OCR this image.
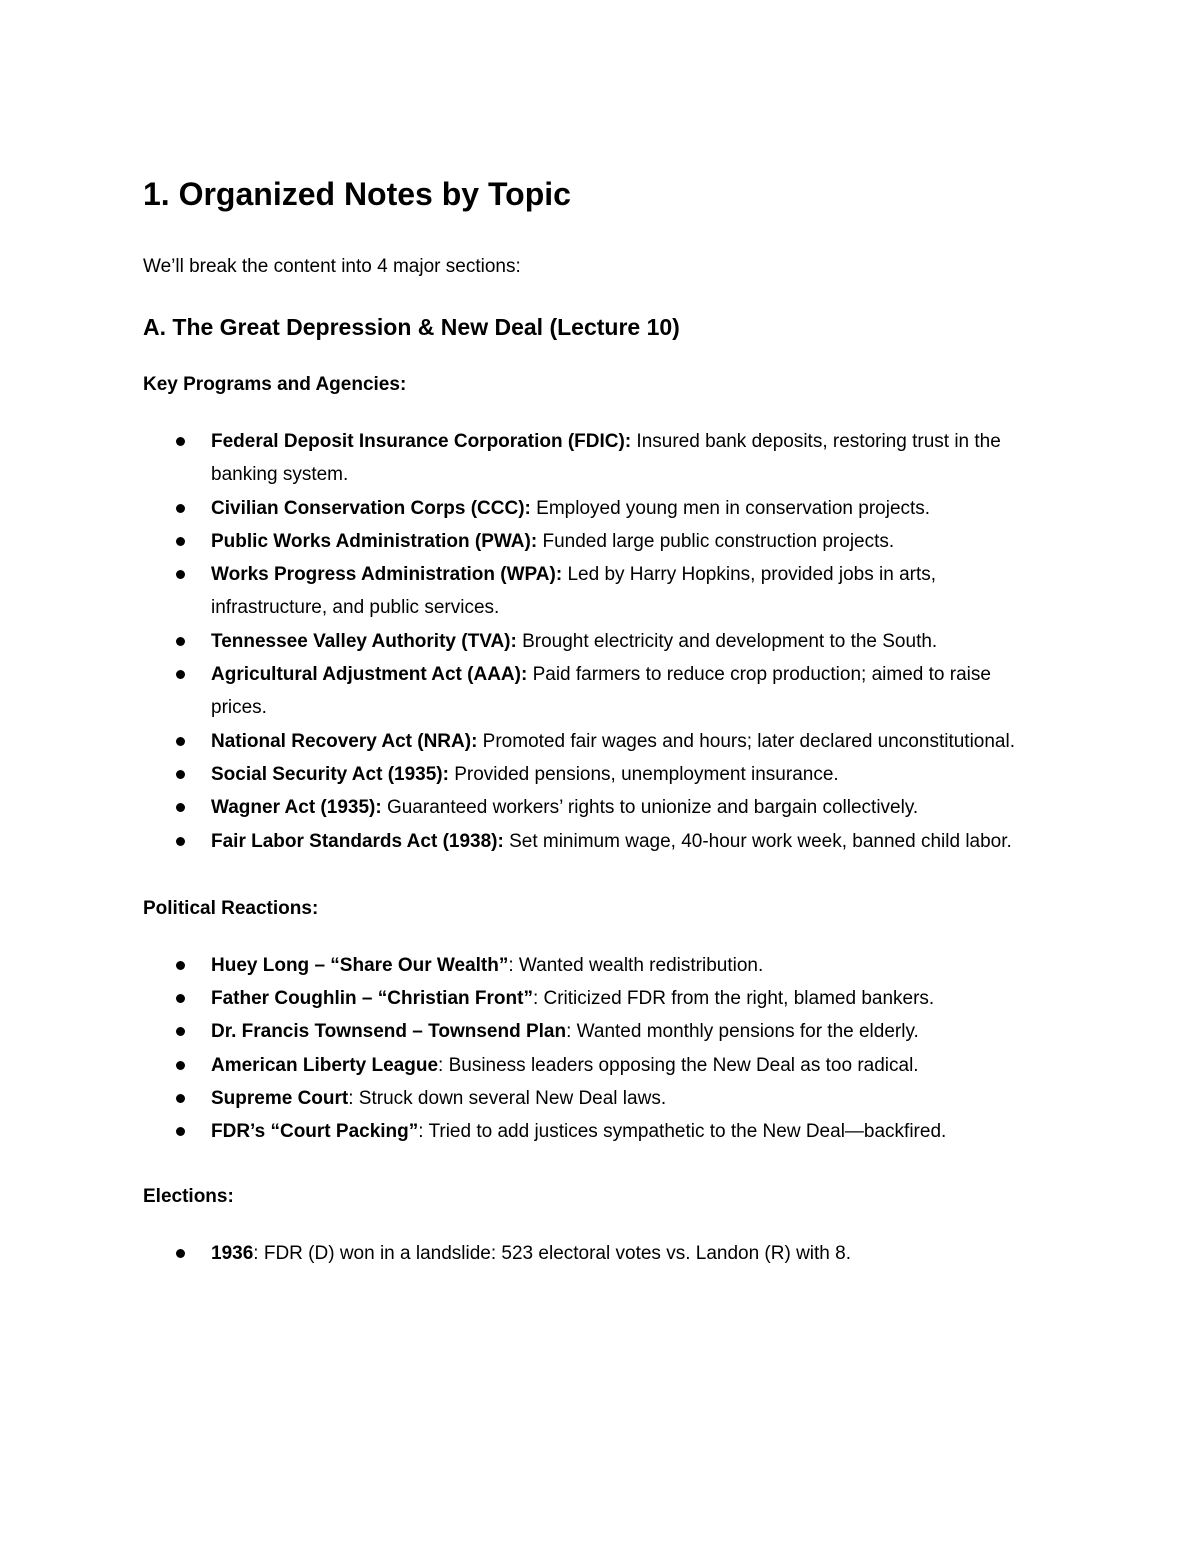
1. Organized Notes by Topic

We’ll break the content into 4 major sections:

A. The Great Depression & New Deal (Lecture 10)
Key Programs and Agencies:
Federal Deposit Insurance Corporation (FDIC): Insured bank deposits, restoring trust in the banking system.
Civilian Conservation Corps (CCC): Employed young men in conservation projects.
Public Works Administration (PWA): Funded large public construction projects.
Works Progress Administration (WPA): Led by Harry Hopkins, provided jobs in arts, infrastructure, and public services.
Tennessee Valley Authority (TVA): Brought electricity and development to the South.
Agricultural Adjustment Act (AAA): Paid farmers to reduce crop production; aimed to raise prices.
National Recovery Act (NRA): Promoted fair wages and hours; later declared unconstitutional.
Social Security Act (1935): Provided pensions, unemployment insurance.
Wagner Act (1935): Guaranteed workers’ rights to unionize and bargain collectively.
Fair Labor Standards Act (1938): Set minimum wage, 40-hour work week, banned child labor.
Political Reactions:
Huey Long – “Share Our Wealth”: Wanted wealth redistribution.
Father Coughlin – “Christian Front”: Criticized FDR from the right, blamed bankers.
Dr. Francis Townsend – Townsend Plan: Wanted monthly pensions for the elderly.
American Liberty League: Business leaders opposing the New Deal as too radical.
Supreme Court: Struck down several New Deal laws.
FDR’s “Court Packing”: Tried to add justices sympathetic to the New Deal—backfired.
Elections:
1936: FDR (D) won in a landslide: 523 electoral votes vs. Landon (R) with 8.
